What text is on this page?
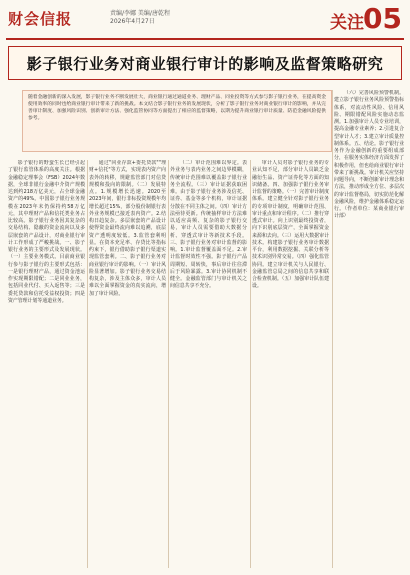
财会信报	责编/李娜 美编/唐乾程
2026年4月27日	关注 05
影子银行业务对商业银行审计的影响及监督策略研究
随着金融创新的深入发展，影子银行业务不断发展壮大，商业银行通过通道业务、理财产品、同业投资等方式参与影子银行业务，在提高资金使用效率的同时也给商业银行审计带来了新的挑战。本文结合影子银行业务的发展现状，分析了影子银行业务对商业银行审计的影响，并从完善审计制度、加强风险识别、创新审计方法、强化监管协同等方面提出了相应的监督策略，以期为提升商业银行审计质量、防范金融风险提供参考。
影子银行的野蛮生长已经引起了银行监管体系的高度关注。根据金融稳定理事会（FSB）2024年数据，全球非银行金融中介资产规模达到约218万亿美元，占全球金融资产的49%。中国影子银行业务规模在2023年末仍保持约58万亿元，其中理财产品和信托类业务占比较高。影子银行业务因其复杂的交易结构、隐蔽的资金流向以及多层嵌套的产品设计，对商业银行审计工作形成了严峻挑战。一、影子银行业务的主要形式及发展现状。（一）主要业务模式。目前商业银行参与影子银行的主要形式包括：一是银行理财产品，通过资金池运作实现期限错配；二是同业业务，包括同业代付、买入返售等；三是委托贷款和信托受益权投资；四是资产管理计划等通道业务。
通过"同业存款+委托贷款""理财+信托"等方式，实现表内资产向表外的转移，规避监管部门对信贷规模和投向的限制。（二）发展特点。1.规模增长迅速。2020至2023年间，银行非标投资规模年均增长超过15%，部分股份制银行表外业务规模已接近表内资产。2.结构日趋复杂。多层嵌套的产品设计使得资金最终流向难以追溯，底层资产透明度较低。3.监管套利明显。在资本充足率、存贷比等指标约束下，银行借助影子银行渠道实现监管套利。二、影子银行业务对商业银行审计的影响。（一）审计风险显著增加。影子银行业务交易结构复杂，涉及主体众多，审计人员难以全面掌握资金的真实流向，增加了审计风险。
（二）审计范围难以界定。表外业务与表内业务之间边界模糊，传统审计范围难以覆盖影子银行业务全流程。（三）审计证据获取困难。由于影子银行业务涉及信托、证券、基金等多个机构，审计证据分散在不同主体之间。（四）审计方法亟待更新。传统抽样审计方法难以适应高频、复杂的影子银行交易，审计人员需要借助大数据分析、穿透式审计等新技术手段。三、影子银行业务对审计监督的影响。1.审计监督覆盖面不足。2.审计监督时效性不强。影子银行产品周期短、周转快，事后审计往往滞后于风险暴露。3.审计协同机制不健全。金融监管部门与审计机关之间信息共享不充分。
审计人员对影子银行业务的专业认知不足，部分审计人员缺乏金融衍生品、资产证券化等方面的知识储备。四、加强影子银行业务审计监督的策略。（一）完善审计制度体系。建立健全针对影子银行业务的专项审计制度，明确审计范围、审计重点和审计程序。（二）推行穿透式审计。向上识别最终投资者，向下识别底层资产，全面掌握资金来源和去向。（三）运用大数据审计技术。构建影子银行业务审计数据平台，利用数据挖掘、关联分析等技术识别异常交易。（四）强化监管协同。建立审计机关与人民银行、金融监管总局之间的信息共享和联合检查机制。（五）加强审计队伍建设。
（六）完善风险预警机制。建立影子银行业务风险预警指标体系，对流动性风险、信用风险、期限错配风险实施动态监测。1.加强审计人员专业培训，提高金融专业素养；2.引进复合型审计人才；3.建立审计质量控制体系。五、结论。影子银行业务作为金融创新的重要组成部分，在服务实体经济方面发挥了积极作用，但也给商业银行审计带来了新挑战。审计机关应坚持问题导向，不断创新审计理念和方法，推动形成全方位、多层次的审计监督格局，切实防范化解金融风险，维护金融体系稳定运行。（作者单位：某商业银行审计部）
